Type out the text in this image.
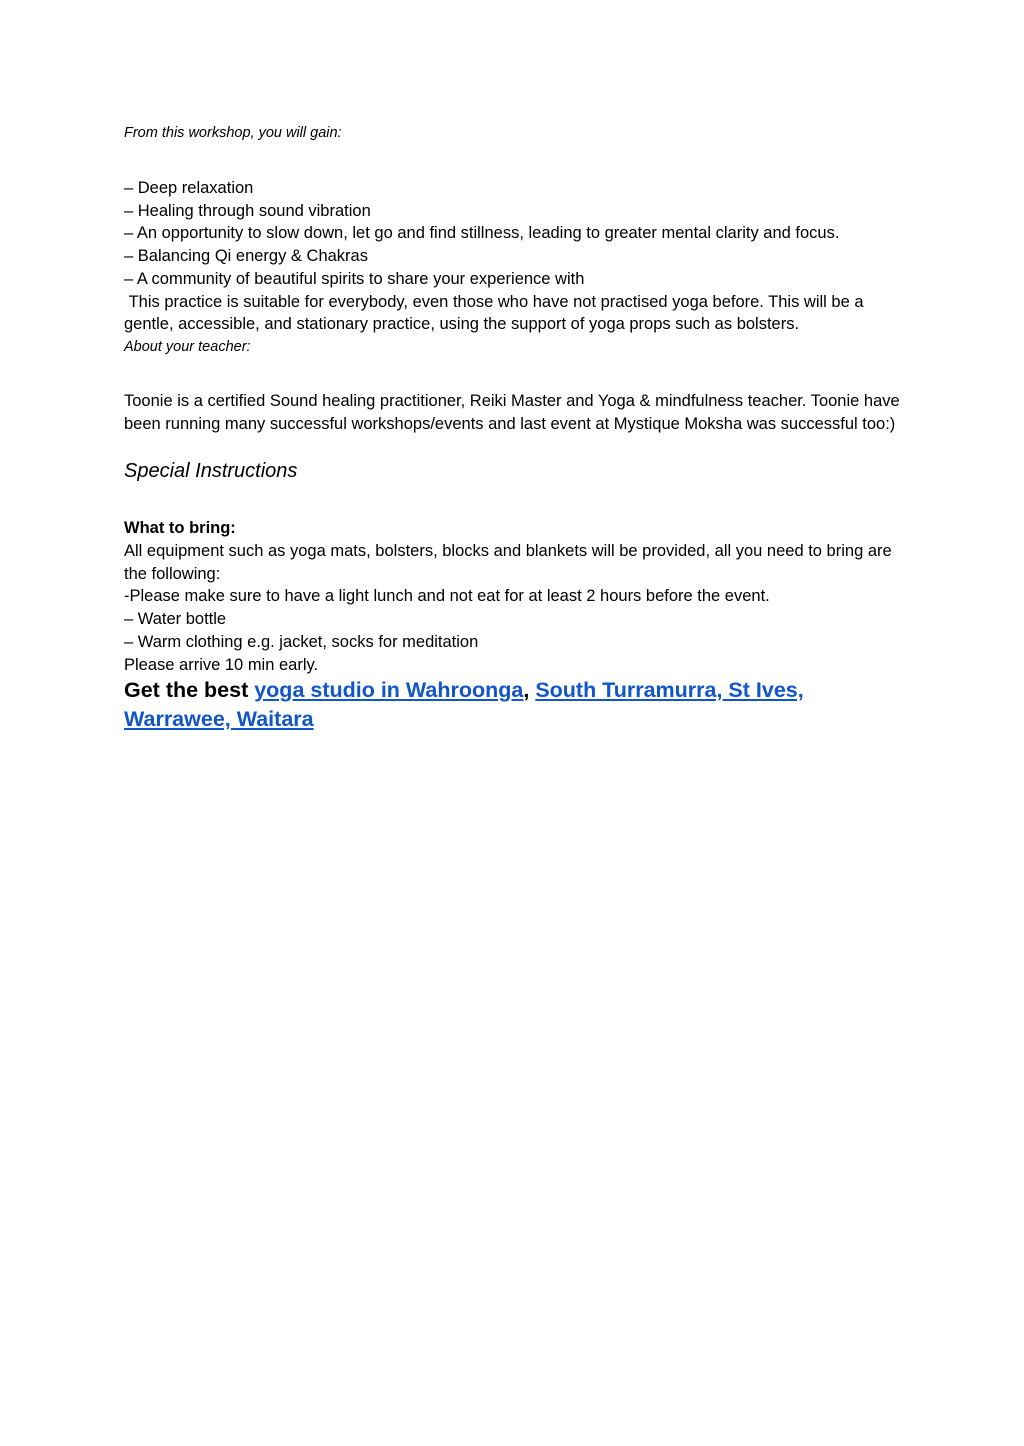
From this workshop, you will gain:

– Deep relaxation
– Healing through sound vibration
– An opportunity to slow down, let go and find stillness, leading to greater mental clarity and focus.
– Balancing Qi energy & Chakras
– A community of beautiful spirits to share your experience with
This practice is suitable for everybody, even those who have not practised yoga before. This will be a gentle, accessible, and stationary practice, using the support of yoga props such as bolsters.

About your teacher:

Toonie is a certified Sound healing practitioner, Reiki Master and Yoga & mindfulness teacher. Toonie have been running many successful workshops/events and last event at Mystique Moksha was successful too:)

Special Instructions

What to bring:

All equipment such as yoga mats, bolsters, blocks and blankets will be provided, all you need to bring are the following:
-Please make sure to have a light lunch and not eat for at least 2 hours before the event.
– Water bottle
– Warm clothing e.g. jacket, socks for meditation
Please arrive 10 min early.

Get the best yoga studio in Wahroonga, South Turramurra, St Ives, Warrawee, Waitara
